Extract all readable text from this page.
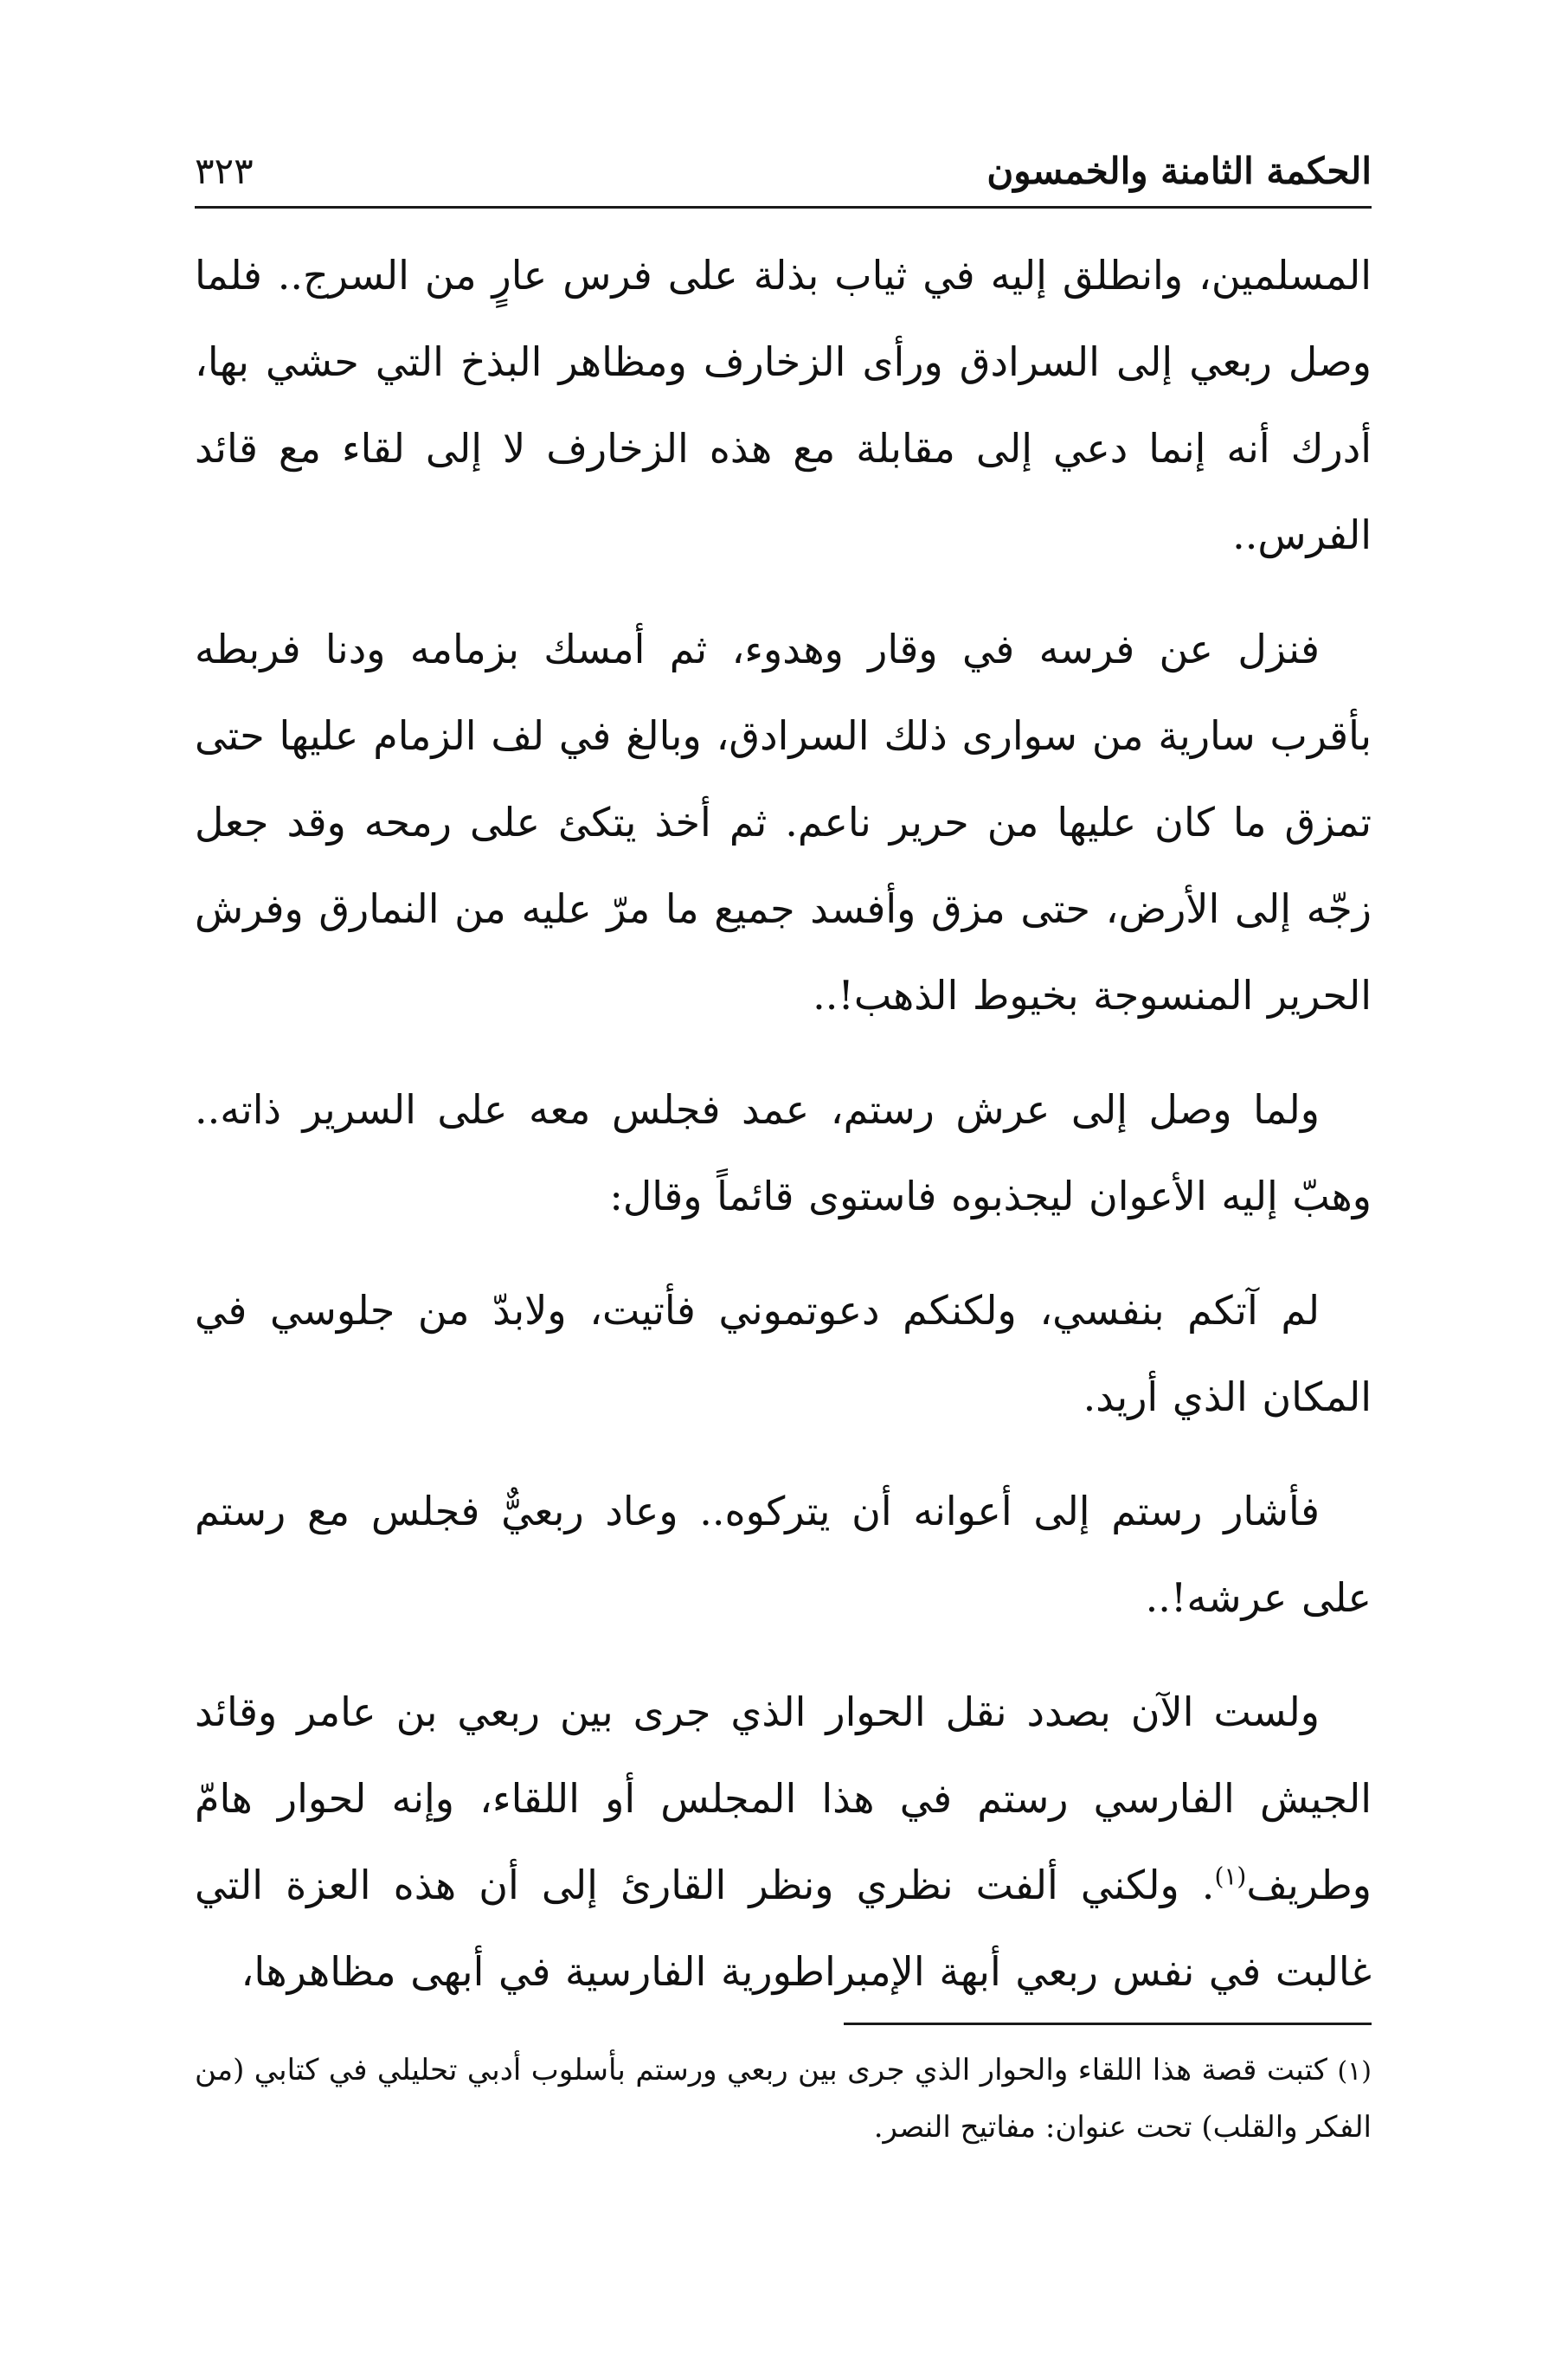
الحكمة الثامنة والخمسون
٣٢٣

المسلمين، وانطلق إليه في ثياب بذلة على فرس عارٍ من السرج.. فلما وصل ربعي إلى السرادق ورأى الزخارف ومظاهر البذخ التي حشي بها، أدرك أنه إنما دعي إلى مقابلة مع هذه الزخارف لا إلى لقاء مع قائد الفرس..

فنزل عن فرسه في وقار وهدوء، ثم أمسك بزمامه ودنا فربطه بأقرب سارية من سوارى ذلك السرادق، وبالغ في لف الزمام عليها حتى تمزق ما كان عليها من حرير ناعم. ثم أخذ يتكئ على رمحه وقد جعل زجّه إلى الأرض، حتى مزق وأفسد جميع ما مرّ عليه من النمارق وفرش الحرير المنسوجة بخيوط الذهب!..

ولما وصل إلى عرش رستم، عمد فجلس معه على السرير ذاته.. وهبّ إليه الأعوان ليجذبوه فاستوى قائماً وقال:

لم آتكم بنفسي، ولكنكم دعوتموني فأتيت، ولابدّ من جلوسي في المكان الذي أريد.

فأشار رستم إلى أعوانه أن يتركوه.. وعاد ربعيٌّ فجلس مع رستم على عرشه!..

ولست الآن بصدد نقل الحوار الذي جرى بين ربعي بن عامر وقائد الجيش الفارسي رستم في هذا المجلس أو اللقاء، وإنه لحوار هامّ وطريف$^{(١)}$. ولكني ألفت نظري ونظر القارئ إلى أن هذه العزة التي غالبت في نفس ربعي أبهة الإمبراطورية الفارسية في أبهى مظاهرها،

(١) كتبت قصة هذا اللقاء والحوار الذي جرى بين ربعي ورستم بأسلوب أدبي تحليلي في كتابي (من الفكر والقلب) تحت عنوان: مفاتيح النصر.
